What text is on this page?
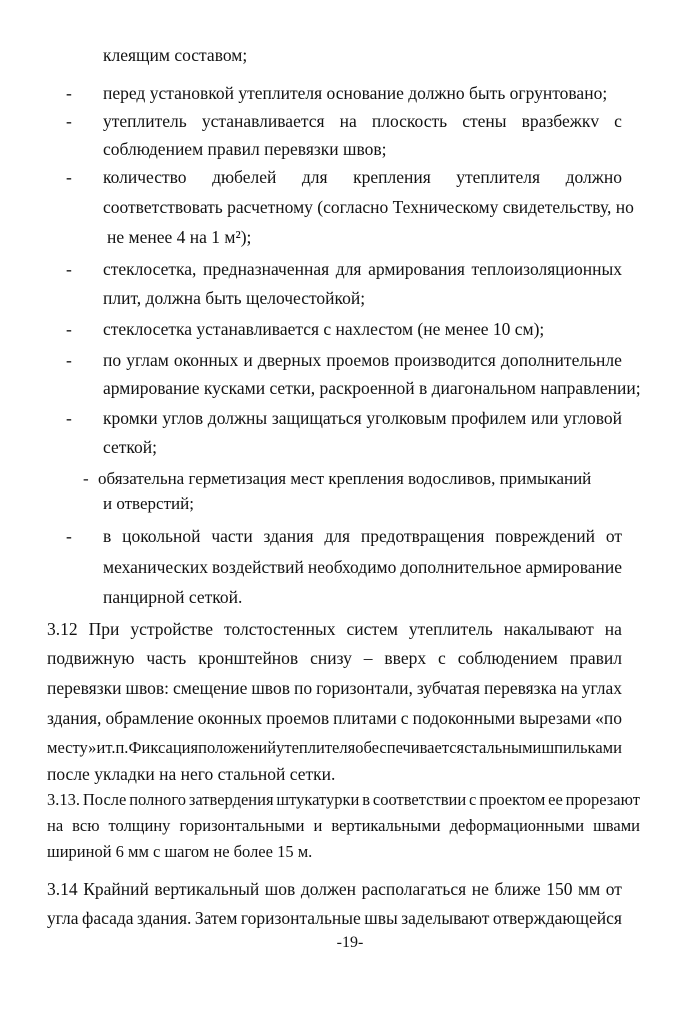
клеящим составом;
- перед установкой утеплителя основание должно быть огрунтовано;
- утеплитель устанавливается на плоскость стены вразбежкv с
соблюдением правил перевязки швов;
- количество дюбелей для крепления утеплителя должно
соответствовать расчетному (согласно Техническому свидетельству, но
не менее 4 на 1 м²);
- стеклосетка, предназначенная для армирования теплоизоляционных
плит, должна быть щелочестойкой;
- стеклосетка устанавливается с нахлестом (не менее 10 см);
- по углам оконных и дверных проемов производится дополнительнле
армирование кусками сетки, раскроенной в диагональном направлении;
- кромки углов должны защищаться уголковым профилем или угловой
сеткой;
- обязательна герметизация мест крепления водосливов, примыканий
и отверстий;
- в цокольной части здания для предотвращения повреждений от
механических воздействий необходимо дополнительное армирование
панцирной сеткой.
3.12 При устройстве толстостенных систем утеплитель накалывают на
подвижную часть кронштейнов снизу – вверх с соблюдением правил
перевязки швов: смещение швов по горизонтали, зубчатая перевязка на углах
здания, обрамление оконных проемов плитами с подоконными вырезами «по
месту» и т.п. Фиксация положений утеплителя обеспечивается стальными шпильками
после укладки на него стальной сетки.
3.13. После полного затвердения штукатурки в соответствии с проектом ее прорезают
на всю толщину горизонтальными и вертикальными деформационными швами
шириной 6 мм с шагом не более 15 м.
3.14 Крайний вертикальный шов должен располагаться не ближе 150 мм от
угла фасада здания. Затем горизонтальные швы заделывают отверждающейся
-19-
